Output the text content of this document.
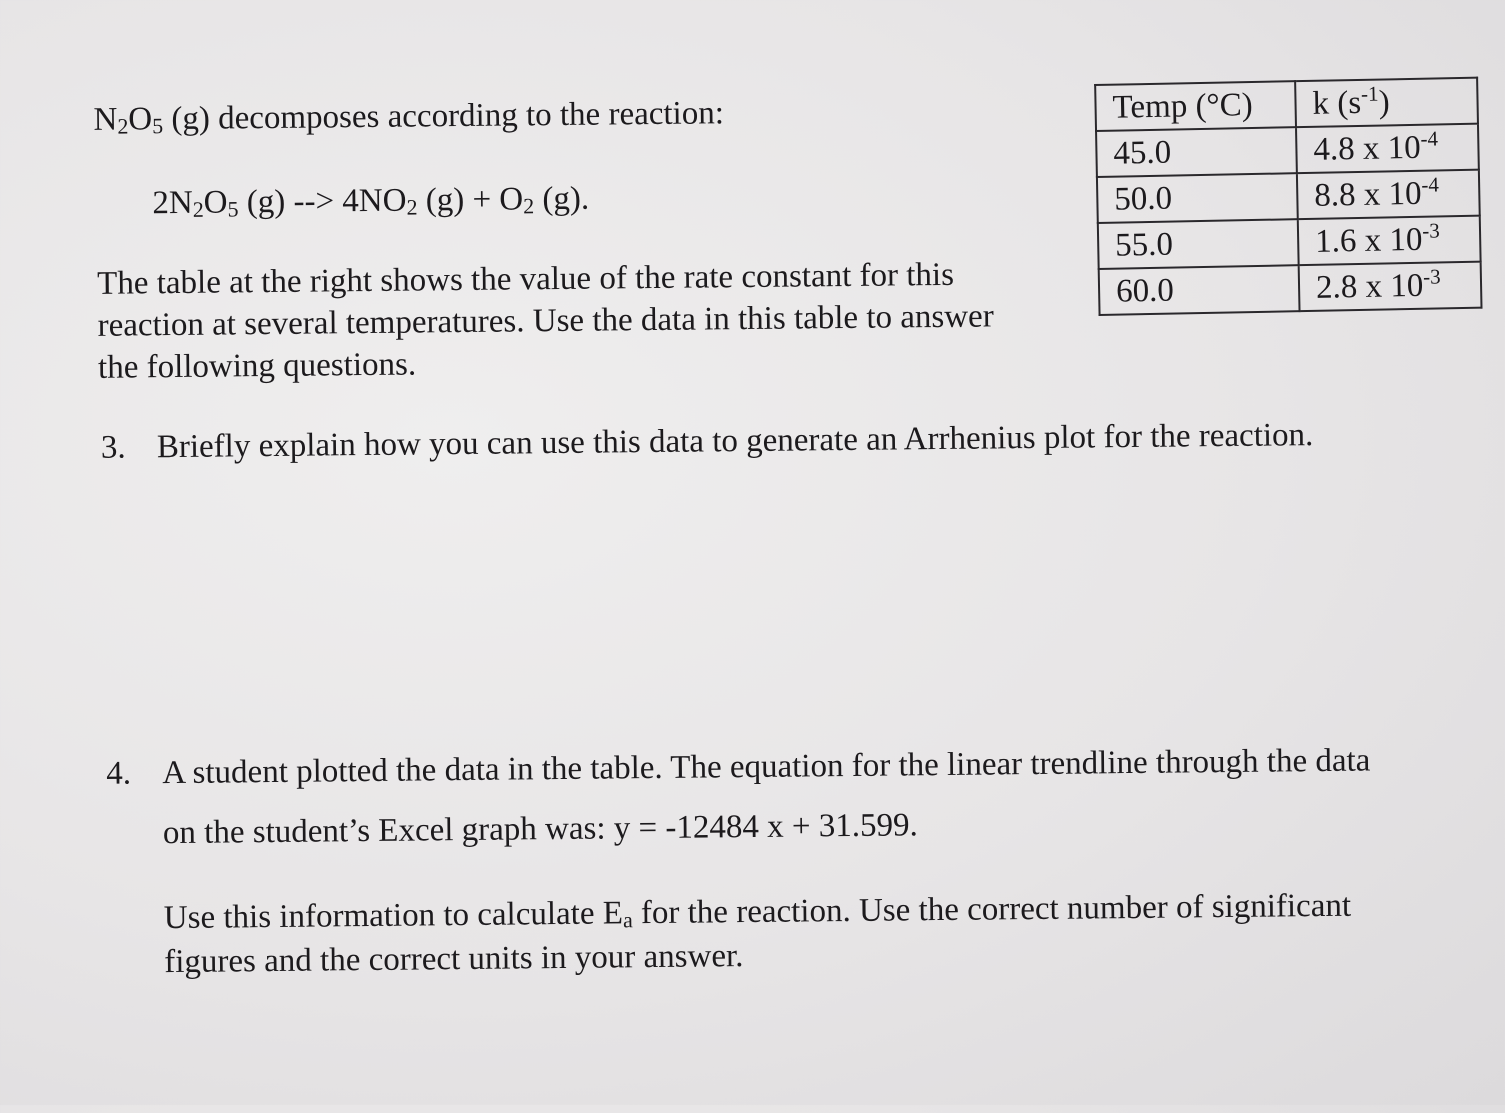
​
$N_2O_5$ (g) decomposes according to the reaction:
$2N_2O_5$ (g) --> $4NO_2$ $(g) + O_2$ (g).
The table at the right shows the value of the rate constant for this
reaction at several temperatures. Use the data in this table to answer
the following questions.
Temp (°C)	k $(s^{-1})$
45.0	4.8 x $10^{-4}$
50.0	8.8 x $10^{-4}$
55.0	1.6 x $10^{-3}$
60.0	2.8 x $10^{-3}$
3. Briefly explain how you can use this data to generate an Arrhenius plot for the reaction.
4. A student plotted the data in the table. The equation for the linear trendline through the data
on the student’s Excel graph was: y = -12484 x + 31.599.
Use this information to calculate $E_a$ for the reaction. Use the correct number of significant
figures and the correct units in your answer.
